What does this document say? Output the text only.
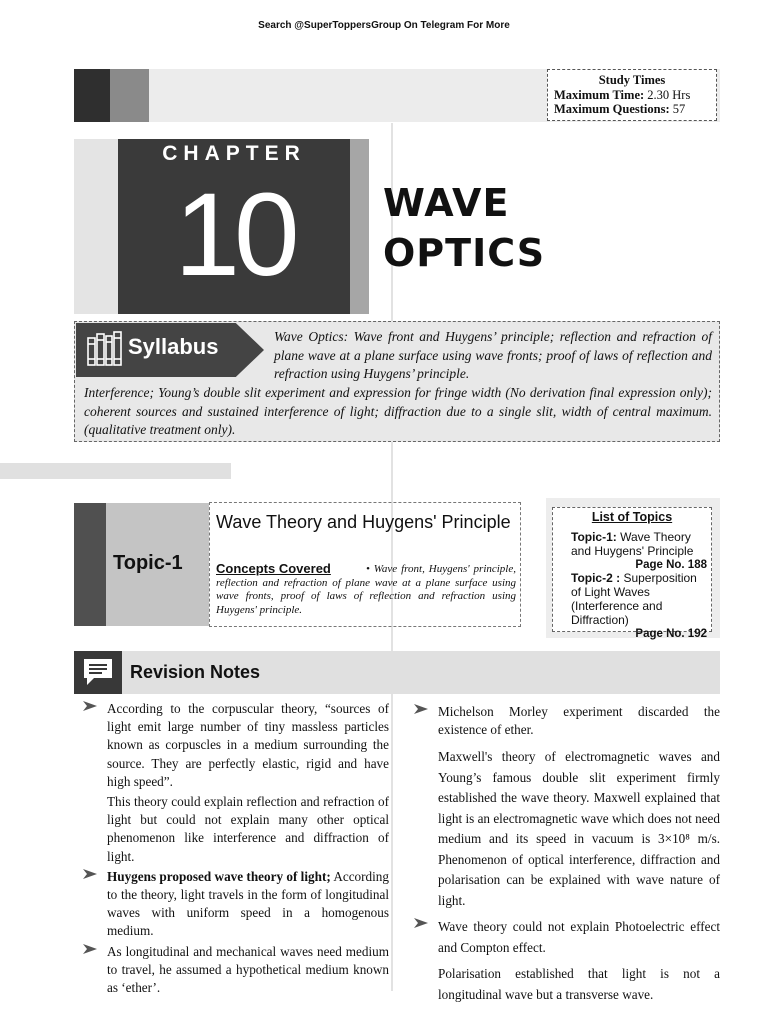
Search @SuperToppersGroup On Telegram For More
Study Times
Maximum Time: 2.30 Hrs
Maximum Questions: 57
CHAPTER
10	WAVE
OPTICS
Syllabus	Wave Optics: Wave front and Huygens’ principle; reflection and refraction of plane wave at a plane surface using wave fronts; proof of laws of reflection and refraction using Huygens’ principle.
Interference; Young’s double slit experiment and expression for fringe width (No derivation final expression only); coherent sources and sustained interference of light; diffraction due to a single slit, width of central maximum. (qualitative treatment only).
Topic-1
Wave Theory and Huygens' Principle
Concepts Covered	• Wave front, Huygens' principle, reflection and refraction of plane wave at a plane surface using wave fronts, proof of laws of reflection and refraction using Huygens' principle.
List of Topics
Topic-1: Wave Theory and Huygens' Principle
Page No. 188
Topic-2 : Superposition of Light Waves (Interference and Diffraction)
Page No. 192
Revision Notes

According to the corpuscular theory, “sources of light emit large number of tiny massless particles known as corpuscles in a medium surrounding the source. They are perfectly elastic, rigid and have high speed”.

This theory could explain reflection and refraction of light but could not explain many other optical phenomenon like interference and diffraction of light.

Huygens proposed wave theory of light; According to the theory, light travels in the form of longitudinal waves with uniform speed in a homogenous medium.

As longitudinal and mechanical waves need medium to travel, he assumed a hypothetical medium known as ‘ether’.

Michelson Morley experiment discarded the existence of ether.

Maxwell's theory of electromagnetic waves and Young’s famous double slit experiment firmly established the wave theory. Maxwell explained that light is an electromagnetic wave which does not need medium and its speed in vacuum is 3×10⁸ m/s. Phenomenon of optical interference, diffraction and polarisation can be explained with wave nature of light.

Wave theory could not explain Photoelectric effect and Compton effect.

Polarisation established that light is not a longitudinal wave but a transverse wave.
